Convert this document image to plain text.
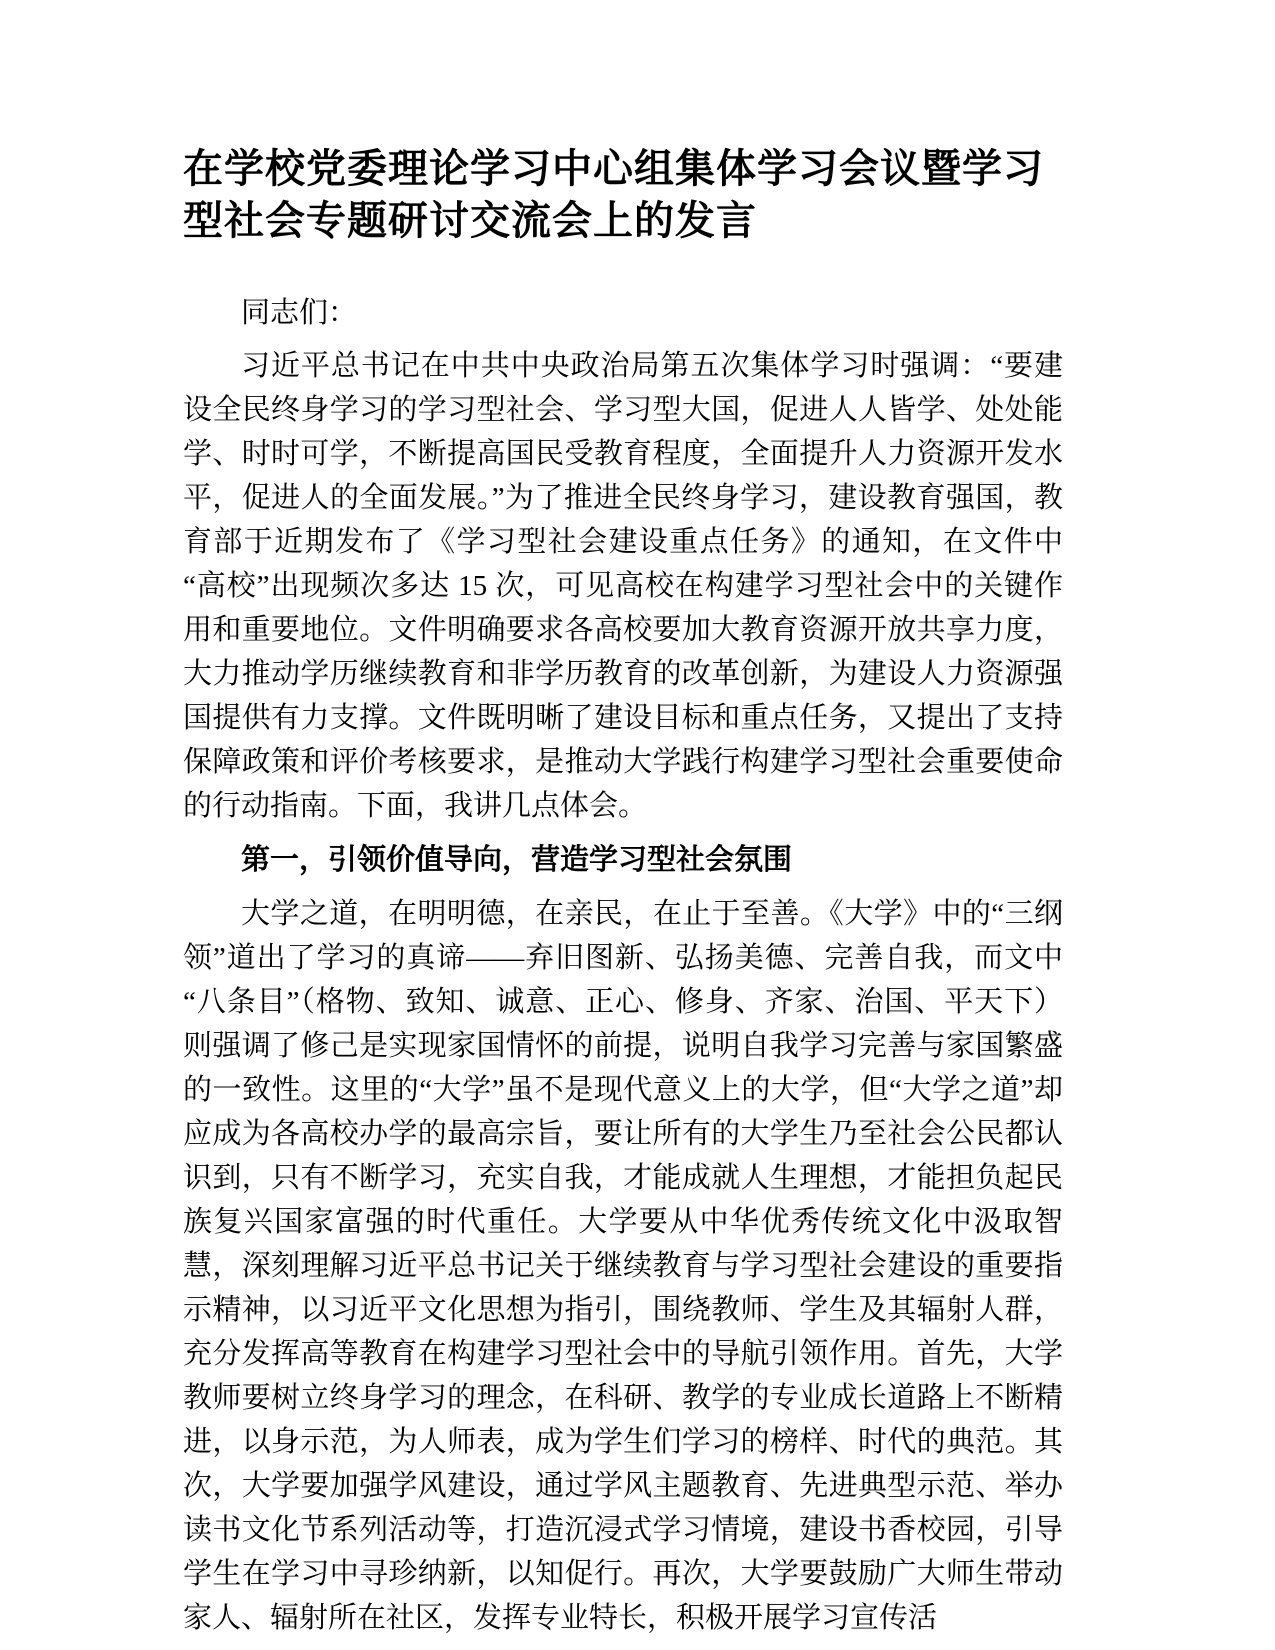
在学校党委理论学习中心组集体学习会议暨学习型社会专题研讨交流会上的发言

同志们：

习近平总书记在中共中央政治局第五次集体学习时强调：“要建设全民终身学习的学习型社会、学习型大国，促进人人皆学、处处能学、时时可学，不断提高国民受教育程度，全面提升人力资源开发水平，促进人的全面发展。”为了推进全民终身学习，建设教育强国，教育部于近期发布了《学习型社会建设重点任务》的通知，在文件中“高校”出现频次多达 15 次，可见高校在构建学习型社会中的关键作用和重要地位。文件明确要求各高校要加大教育资源开放共享力度，大力推动学历继续教育和非学历教育的改革创新，为建设人力资源强国提供有力支撑。文件既明晰了建设目标和重点任务，又提出了支持保障政策和评价考核要求，是推动大学践行构建学习型社会重要使命的行动指南。下面，我讲几点体会。

第一，引领价值导向，营造学习型社会氛围

大学之道，在明明德，在亲民，在止于至善。《大学》中的“三纲领”道出了学习的真谛——弃旧图新、弘扬美德、完善自我，而文中“八条目”（格物、致知、诚意、正心、修身、齐家、治国、平天下）则强调了修己是实现家国情怀的前提，说明自我学习完善与家国繁盛的一致性。这里的“大学”虽不是现代意义上的大学，但“大学之道”却应成为各高校办学的最高宗旨，要让所有的大学生乃至社会公民都认识到，只有不断学习，充实自我，才能成就人生理想，才能担负起民族复兴国家富强的时代重任。大学要从中华优秀传统文化中汲取智慧，深刻理解习近平总书记关于继续教育与学习型社会建设的重要指示精神，以习近平文化思想为指引，围绕教师、学生及其辐射人群，充分发挥高等教育在构建学习型社会中的导航引领作用。首先，大学教师要树立终身学习的理念，在科研、教学的专业成长道路上不断精进，以身示范，为人师表，成为学生们学习的榜样、时代的典范。其次，大学要加强学风建设，通过学风主题教育、先进典型示范、举办读书文化节系列活动等，打造沉浸式学习情境，建设书香校园，引导学生在学习中寻珍纳新，以知促行。再次，大学要鼓励广大师生带动家人、辐射所在社区，发挥专业特长，积极开展学习宣传活
